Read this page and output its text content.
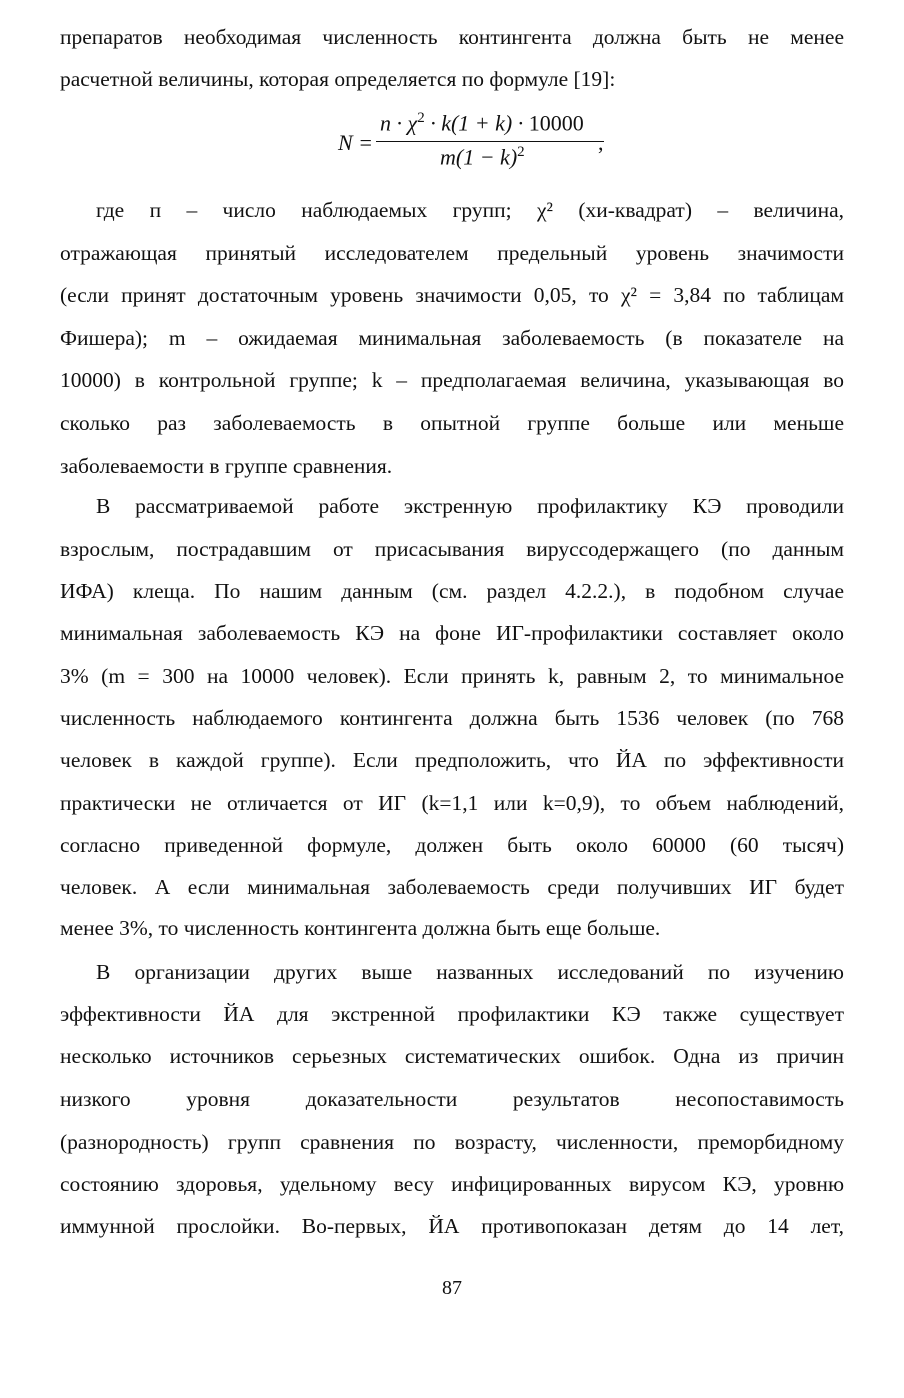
препаратов необходимая численность контингента должна быть не менее
расчетной величины, которая определяется по формуле [19]:
N =
$n \cdot \chi^2 \cdot k(1 + k) \cdot 10000$
$m(1 - k)^2$	,
где п – число наблюдаемых групп; χ² (хи-квадрат) – величина,
отражающая принятый исследователем предельный уровень значимости
(если принят достаточным уровень значимости 0,05, то χ² = 3,84 по таблицам
Фишера); m – ожидаемая минимальная заболеваемость (в показателе на
10000) в контрольной группе; k – предполагаемая величина, указывающая во
сколько раз заболеваемость в опытной группе больше или меньше
заболеваемости в группе сравнения.
В рассматриваемой работе экстренную профилактику КЭ проводили
взрослым, пострадавшим от присасывания вируссодержащего (по данным
ИФА) клеща. По нашим данным (см. раздел 4.2.2.), в подобном случае
минимальная заболеваемость КЭ на фоне ИГ-профилактики составляет около
3% (m = 300 на 10000 человек). Если принять k, равным 2, то минимальное
численность наблюдаемого контингента должна быть 1536 человек (по 768
человек в каждой группе). Если предположить, что ЙА по эффективности
практически не отличается от ИГ (k=1,1 или k=0,9), то объем наблюдений,
согласно приведенной формуле, должен быть около 60000 (60 тысяч)
человек. А если минимальная заболеваемость среди получивших ИГ будет
менее 3%, то численность контингента должна быть еще больше.
В организации других выше названных исследований по изучению
эффективности ЙА для экстренной профилактики КЭ также существует
несколько источников серьезных систематических ошибок. Одна из причин
низкого уровня доказательности результатов несопоставимость
(разнородность) групп сравнения по возрасту, численности, преморбидному
состоянию здоровья, удельному весу инфицированных вирусом КЭ, уровню
иммунной прослойки. Во-первых, ЙА противопоказан детям до 14 лет,
87
